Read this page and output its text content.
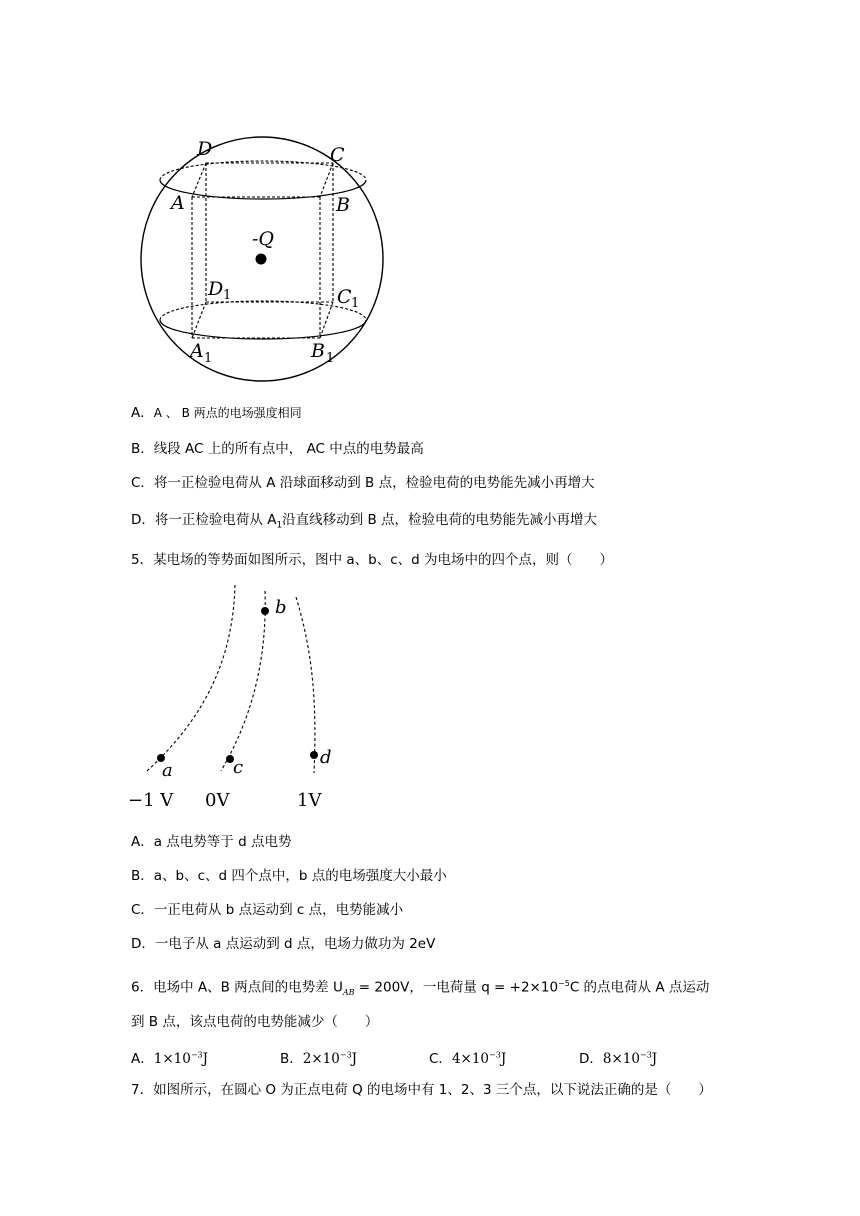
-Q
D	C
A	B
D 1	C 1
A 1	B 1
A．A 、 B 两点的电场强度相同
B．线段 AC 上的所有点中， AC 中点的电势最高
C．将一正检验电荷从 A 沿球面移动到 B 点，检验电荷的电势能先减小再增大
D．将一正检验电荷从 $A_1$沿直线移动到 B 点，检验电荷的电势能先减小再增大
5．某电场的等势面如图所示，图中 a、b、c、d 为电场中的四个点，则（　　）
a
b
c	d
−1 V 0V	1V
A．a 点电势等于 d 点电势
B．a、b、c、d 四个点中，b 点的电场强度大小最小
C．一正电荷从 b 点运动到 c 点，电势能减小
D．一电子从 a 点运动到 d 点，电场力做功为 2eV
6．电场中 A、B 两点间的电势差 $U_{AB} = 200V$，一电荷量 $q = +2\times 10^{-5}C$ 的点电荷从 A 点运动
到 B 点，该点电荷的电势能减少（　　）
A．$1\times 10^{-3}J$	B．$2\times 10^{-3}J$	C．$4\times 10^{-3}J$	D．$8\times 10^{-3}J$
7．如图所示，在圆心 O 为正点电荷 Q 的电场中有 1、2、3 三个点，以下说法正确的是（　　）
